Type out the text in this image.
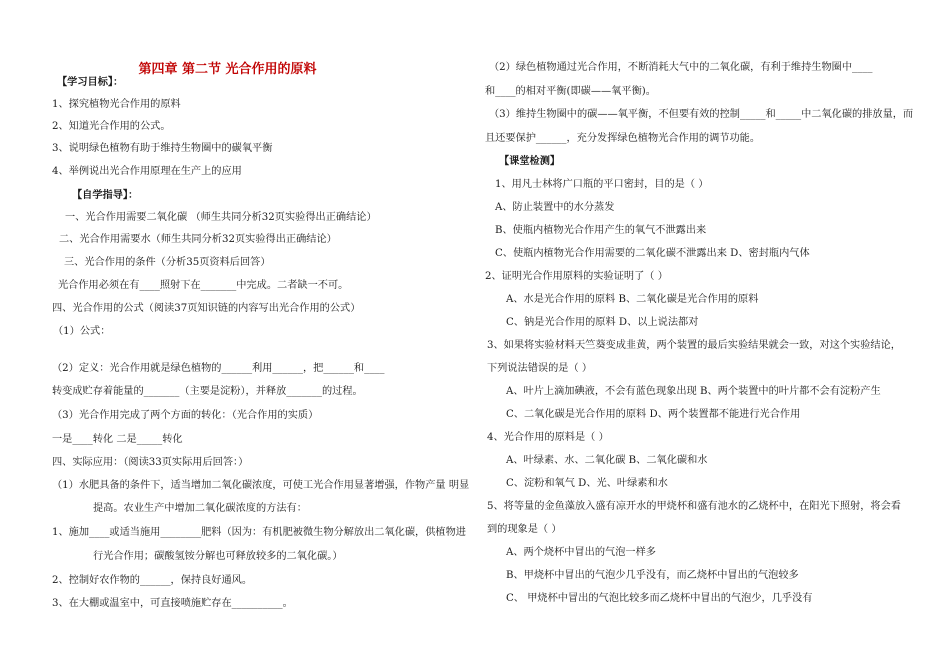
第四章 第二节 光合作用的原料
【学习目标】：
1、探究植物光合作用的原料
2、知道光合作用的公式。
3、说明绿色植物有助于维持生物圈中的碳氧平衡
4、举例说出光合作用原理在生产上的应用
【自学指导】：
一、光合作用需要二氧化碳 （师生共同分析32页实验得出正确结论）
二、光合作用需要水（师生共同分析32页实验得出正确结论）
三、光合作用的条件（分析35页资料后回答）
光合作用必须在有____照射下在_______中完成。二者缺一不可。
四、光合作用的公式（阅读37页知识链的内容写出光合作用的公式）
（1）公式：
（2）定义：光合作用就是绿色植物的______利用______，把______和____
转变成贮存着能量的_______（主要是淀粉），并释放_______的过程。
（3）光合作用完成了两个方面的转化：（光合作用的实质）
一是____转化 二是_____转化
四、实际应用：（阅读33页实际用后回答：）
（1）水肥具备的条件下，适当增加二氧化碳浓度，可使工光合作用显著增强，作物产量 明显
提高。农业生产中增加二氧化碳浓度的方法有：
1、施加____或适当施用________肥料（因为：有机肥被微生物分解放出二氧化碳，供植物进
行光合作用；碳酸氢铵分解也可释放较多的二氧化碳。）
2、控制好农作物的______，保持良好通风。
3、在大棚或温室中，可直接喷施贮存在__________。
（2）绿色植物通过光合作用，不断消耗大气中的二氧化碳，有利于维持生物圈中____
和____的相对平衡(即碳——氧平衡)。
（3）维持生物圈中的碳——氧平衡，不但要有效的控制_____和_____中二氧化碳的排放量，而
且还要保护______，充分发挥绿色植物光合作用的调节功能。
【课堂检测】
1、用凡士林将广口瓶的平口密封，目的是（ ）
A、防止装置中的水分蒸发
B、使瓶内植物光合作用产生的氧气不泄露出来
C、使瓶内植物光合作用需要的二氧化碳不泄露出来 D、密封瓶内气体
2、证明光合作用原料的实验证明了（ ）
A、水是光合作用的原料 B、二氧化碳是光合作用的原料
C、钠是光合作用的原料 D、以上说法都对
3、如果将实验材料天竺葵变成韭黄，两个装置的最后实验结果就会一致，对这个实验结论，
下列说法错误的是（ ）
A、叶片上滴加碘液，不会有蓝色现象出现 B、两个装置中的叶片都不会有淀粉产生
C、二氧化碳是光合作用的原料 D、两个装置都不能进行光合作用
4、光合作用的原料是（ ）
A、叶绿素、水、二氧化碳 B、二氧化碳和水
C、淀粉和氧气 D、光、叶绿素和水
5、将等量的金鱼藻放入盛有凉开水的甲烧杯和盛有池水的乙烧杯中，在阳光下照射，将会看
到的现象是（ ）
A、两个烧杯中冒出的气泡一样多
B、甲烧杯中冒出的气泡少几乎没有，而乙烧杯中冒出的气泡较多
C、 甲烧杯中冒出的气泡比较多而乙烧杯中冒出的气泡少，几乎没有
